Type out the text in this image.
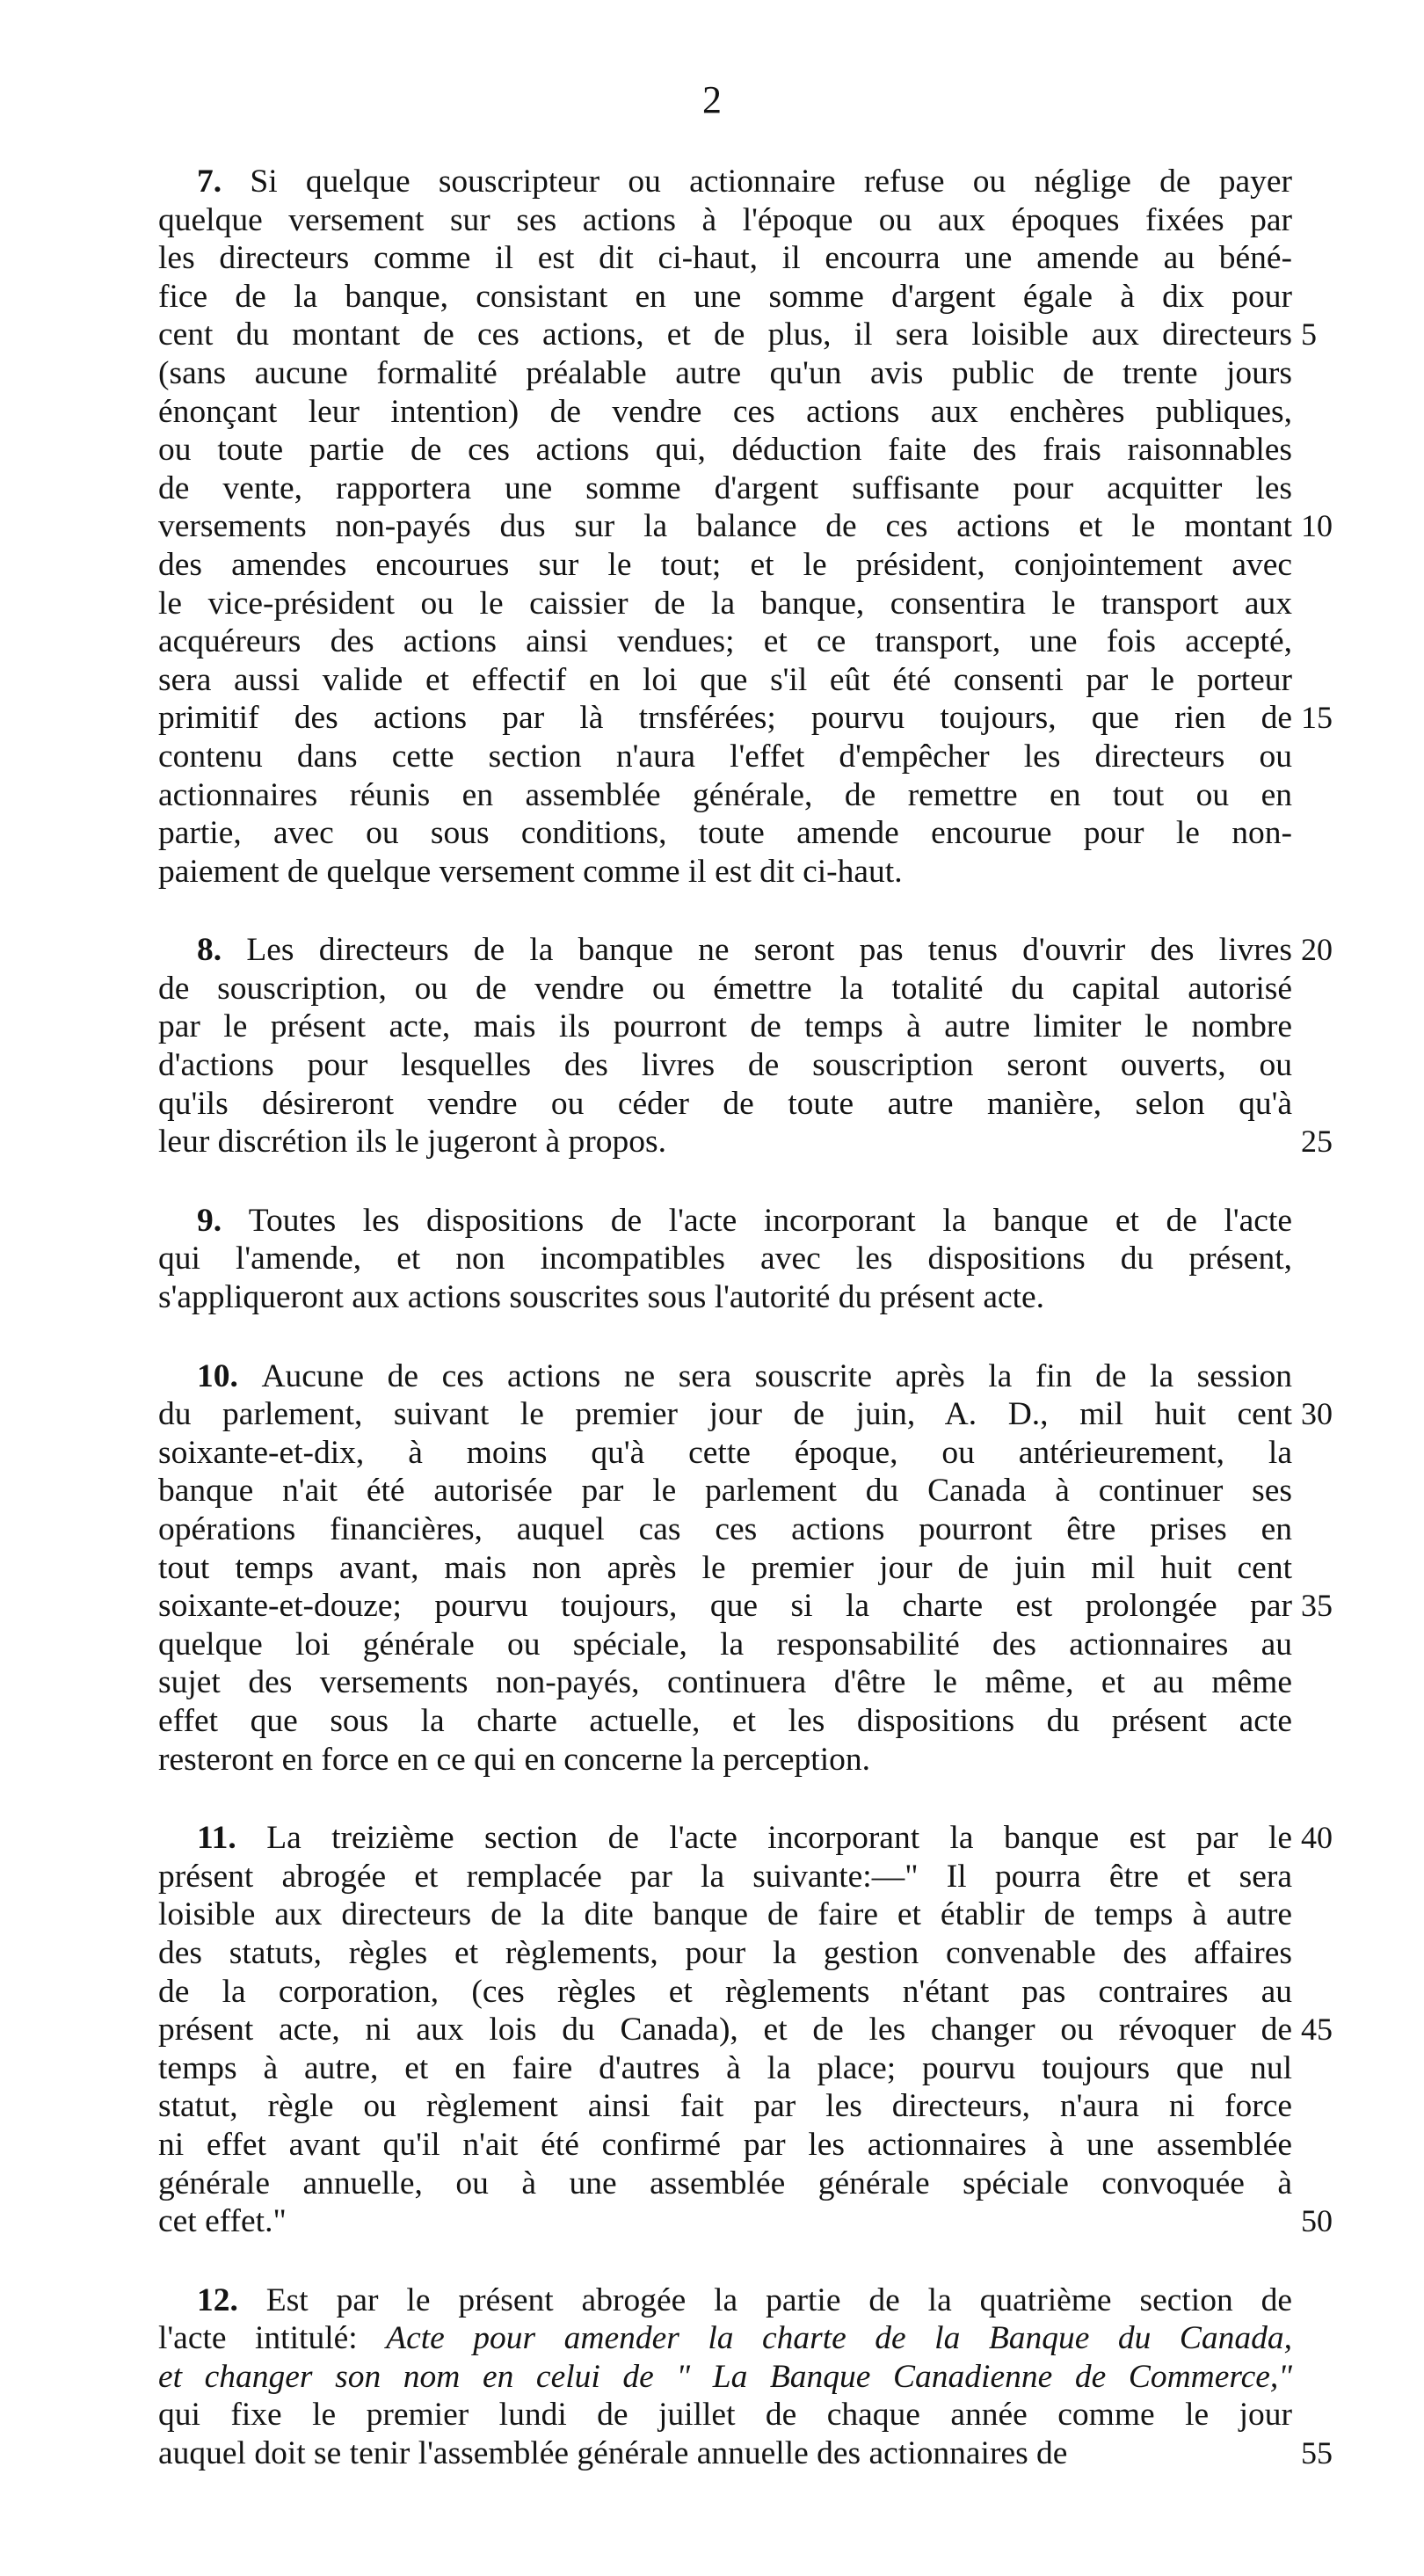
2
7. Si quelque souscripteur ou actionnaire refuse ou néglige de payer
quelque versement sur ses actions à l'époque ou aux époques fixées par
les directeurs comme il est dit ci-haut, il encourra une amende au béné-
fice de la banque, consistant en une somme d'argent égale à dix pour
cent du montant de ces actions, et de plus, il sera loisible aux directeurs 5
(sans aucune formalité préalable autre qu'un avis public de trente jours
énonçant leur intention) de vendre ces actions aux enchères publiques,
ou toute partie de ces actions qui, déduction faite des frais raisonnables
de vente, rapportera une somme d'argent suffisante pour acquitter les
versements non-payés dus sur la balance de ces actions et le montant 10
des amendes encourues sur le tout; et le président, conjointement avec
le vice-président ou le caissier de la banque, consentira le transport aux
acquéreurs des actions ainsi vendues; et ce transport, une fois accepté,
sera aussi valide et effectif en loi que s'il eût été consenti par le porteur
primitif des actions par là trnsférées; pourvu toujours, que rien de 15
contenu dans cette section n'aura l'effet d'empêcher les directeurs ou
actionnaires réunis en assemblée générale, de remettre en tout ou en
partie, avec ou sous conditions, toute amende encourue pour le non-
paiement de quelque versement comme il est dit ci-haut.
8. Les directeurs de la banque ne seront pas tenus d'ouvrir des livres 20
de souscription, ou de vendre ou émettre la totalité du capital autorisé
par le présent acte, mais ils pourront de temps à autre limiter le nombre
d'actions pour lesquelles des livres de souscription seront ouverts, ou
qu'ils désireront vendre ou céder de toute autre manière, selon qu'à
leur discrétion ils le jugeront à propos.	25
9. Toutes les dispositions de l'acte incorporant la banque et de l'acte
qui l'amende, et non incompatibles avec les dispositions du présent,
s'appliqueront aux actions souscrites sous l'autorité du présent acte.
10. Aucune de ces actions ne sera souscrite après la fin de la session
du parlement, suivant le premier jour de juin, A. D., mil huit cent 30
soixante-et-dix, à moins qu'à cette époque, ou antérieurement, la
banque n'ait été autorisée par le parlement du Canada à continuer ses
opérations financières, auquel cas ces actions pourront être prises en
tout temps avant, mais non après le premier jour de juin mil huit cent
soixante-et-douze; pourvu toujours, que si la charte est prolongée par 35
quelque loi générale ou spéciale, la responsabilité des actionnaires au
sujet des versements non-payés, continuera d'être le même, et au même
effet que sous la charte actuelle, et les dispositions du présent acte
resteront en force en ce qui en concerne la perception.
11. La treizième section de l'acte incorporant la banque est par le 40
présent abrogée et remplacée par la suivante:—" Il pourra être et sera
loisible aux directeurs de la dite banque de faire et établir de temps à autre
des statuts, règles et règlements, pour la gestion convenable des affaires
de la corporation, (ces règles et règlements n'étant pas contraires au
présent acte, ni aux lois du Canada), et de les changer ou révoquer de 45
temps à autre, et en faire d'autres à la place; pourvu toujours que nul
statut, règle ou règlement ainsi fait par les directeurs, n'aura ni force
ni effet avant qu'il n'ait été confirmé par les actionnaires à une assemblée
générale annuelle, ou à une assemblée générale spéciale convoquée à
cet effet."	50
12. Est par le présent abrogée la partie de la quatrième section de
l'acte intitulé: Acte pour amender la charte de la Banque du Canada,
et changer son nom en celui de " La Banque Canadienne de Commerce,"
qui fixe le premier lundi de juillet de chaque année comme le jour
auquel doit se tenir l'assemblée générale annuelle des actionnaires de	55
